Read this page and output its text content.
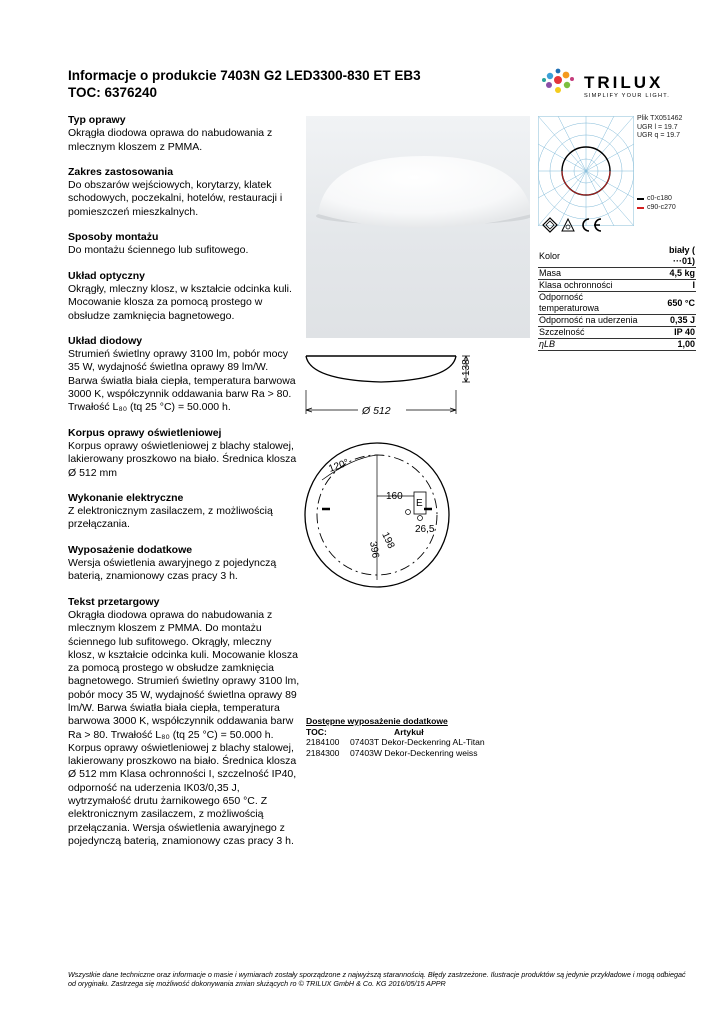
Informacje o produkcie 7403N G2 LED3300-830 ET EB3
TOC: 6376240
TRILUX
SIMPLIFY YOUR LIGHT.
Typ oprawy
Okrągła diodowa oprawa do nabudowania z mlecznym kloszem z PMMA.
Zakres zastosowania
Do obszarów wejściowych, korytarzy, klatek schodowych, poczekalni, hotelów, restauracji i pomieszczeń mieszkalnych.
Sposoby montażu
Do montażu ściennego lub sufitowego.
Układ optyczny
Okrągły, mleczny klosz, w kształcie odcinka kuli. Mocowanie klosza za pomocą prostego w obsłudze zamknięcia bagnetowego.
Układ diodowy
Strumień świetlny oprawy 3100 lm, pobór mocy 35 W, wydajność świetlna oprawy 89 lm/W. Barwa światła biała ciepła, temperatura barwowa 3000 K, współczynnik oddawania barw Ra > 80. Trwałość L₈₀ (tq 25 °C) = 50.000 h.
Korpus oprawy oświetleniowej
Korpus oprawy oświetleniowej z blachy stalowej, lakierowany proszkowo na biało. Średnica klosza Ø 512 mm
Wykonanie elektryczne
Z elektronicznym zasilaczem, z możliwością przełączania.
Wyposażenie dodatkowe
Wersja oświetlenia awaryjnego z pojedynczą baterią, znamionowy czas pracy 3 h.
Tekst przetargowy
Okrągła diodowa oprawa do nabudowania z mlecznym kloszem z PMMA. Do montażu ściennego lub sufitowego. Okrągły, mleczny klosz, w kształcie odcinka kuli. Mocowanie klosza za pomocą prostego w obsłudze zamknięcia bagnetowego. Strumień świetlny oprawy 3100 lm, pobór mocy 35 W, wydajność świetlna oprawy 89 lm/W. Barwa światła biała ciepła, temperatura barwowa 3000 K, współczynnik oddawania barw Ra > 80. Trwałość L₈₀ (tq 25 °C) = 50.000 h. Korpus oprawy oświetleniowej z blachy stalowej, lakierowany proszkowo na biało. Średnica klosza Ø 512 mm Klasa ochronności I, szczelność IP40, odporność na uderzenia IK03/0,35 J, wytrzymałość drutu żarnikowego 650 °C. Z elektronicznym zasilaczem, z możliwością przełączania. Wersja oświetlenia awaryjnego z pojedynczą baterią, znamionowy czas pracy 3 h.
Plik TX051462
UGR l = 19.7
UGR q = 19.7
c0-c180
c90-c270
Kolor	biały ( ···01)
Masa	4,5 kg
Klasa ochronności	I
Odporność temperaturowa	650 °C
Odporność na uderzenia	0,35 J
Szczelność	IP 40
ηLB	1,00
138
Ø 512
120°
160
E
26,5
396
198
Dostępne wyposażenie dodatkowe
TOC:	Artykuł
2184100	07403T Dekor-Deckenring AL-Titan
2184300	07403W Dekor-Deckenring weiss
Wszystkie dane techniczne oraz informacje o masie i wymiarach zostały sporządzone z najwyższą starannością. Błędy zastrzeżone. Ilustracje produktów są jedynie przykładowe i mogą odbiegać od oryginału. Zastrzega się możliwość dokonywania zmian służących ro © TRILUX GmbH & Co. KG 2016/05/15 APPR
